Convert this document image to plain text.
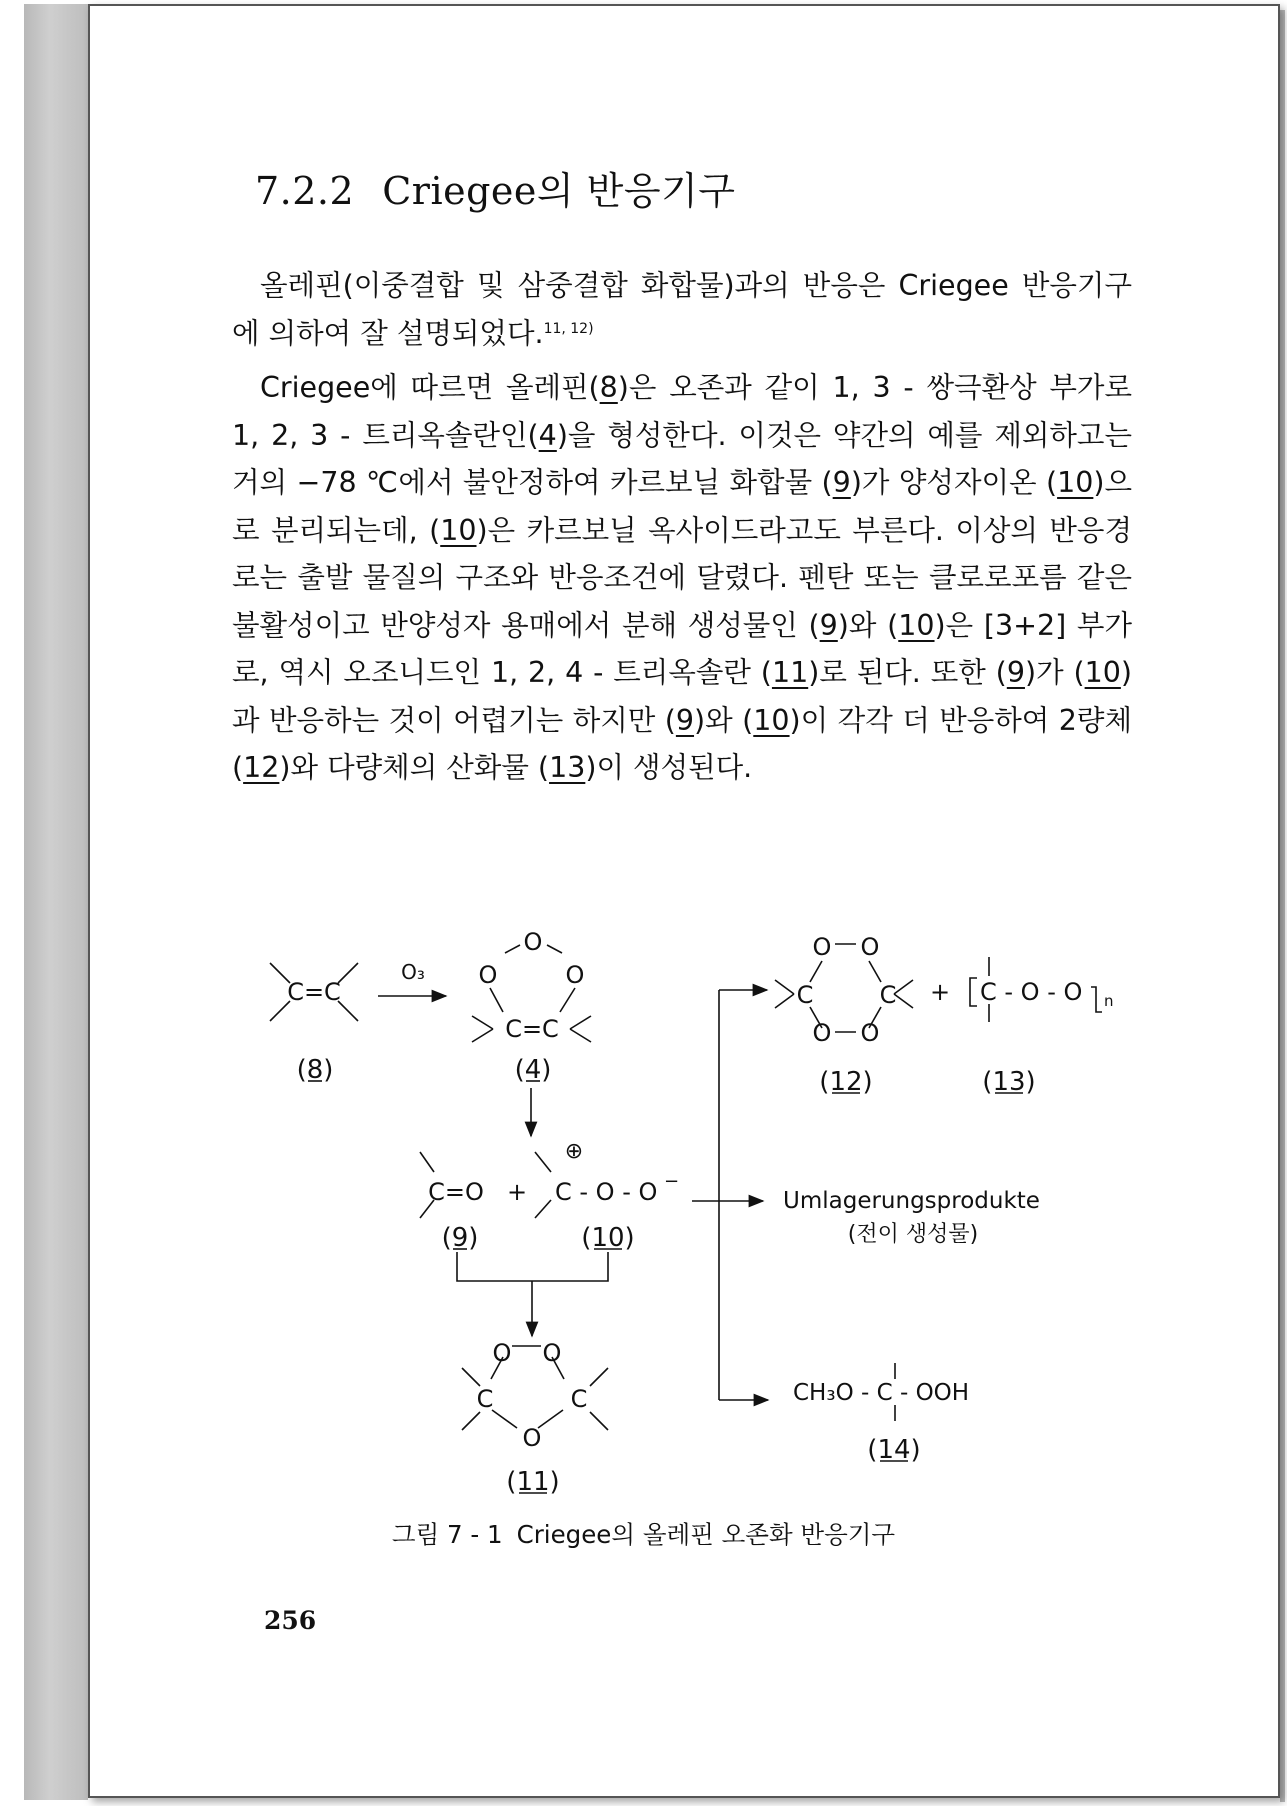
7.2.2 Criegee의 반응기구
올레핀(이중결합 및 삼중결합 화합물)과의 반응은 Criegee 반응기구에 의하여 잘 설명되었다.$^{11, 12)}$
Criegee에 따르면 올레핀(8)은 오존과 같이 1, 3 - 쌍극환상 부가로 1, 2, 3 - 트리옥솔란인(4)을 형성한다. 이것은 약간의 예를 제외하고는 거의 −78 ℃에서 불안정하여 카르보닐 화합물 (9)가 양성자이온 (10)으로 분리되는데, (10)은 카르보닐 옥사이드라고도 부른다. 이상의 반응경로는 출발 물질의 구조와 반응조건에 달렸다. 펜탄 또는 클로로포름 같은 불활성이고 반양성자 용매에서 분해 생성물인 (9)와 (10)은 [3+2] 부가로, 역시 오조니드인 1, 2, 4 - 트리옥솔란 (11)로 된다. 또한 (9)가 (10)과 반응하는 것이 어렵기는 하지만 (9)와 (10)이 각각 더 반응하여 2량체 (12)와 다량체의 산화물 (13)이 생성된다.
C=C
(8)
O₃
O
O	O
C=C
(4)
C=O +
⊕
C - O - O −
(9)	(10)
O O
C	C
O
(11)
O O
C	C
O O
(12)
+ C - O - O n
(13)
Umlagerungsprodukte
(전이 생성물)
CH₃O - C - OOH
(14)
그림 7 - 1 Criegee의 올레핀 오존화 반응기구
256
